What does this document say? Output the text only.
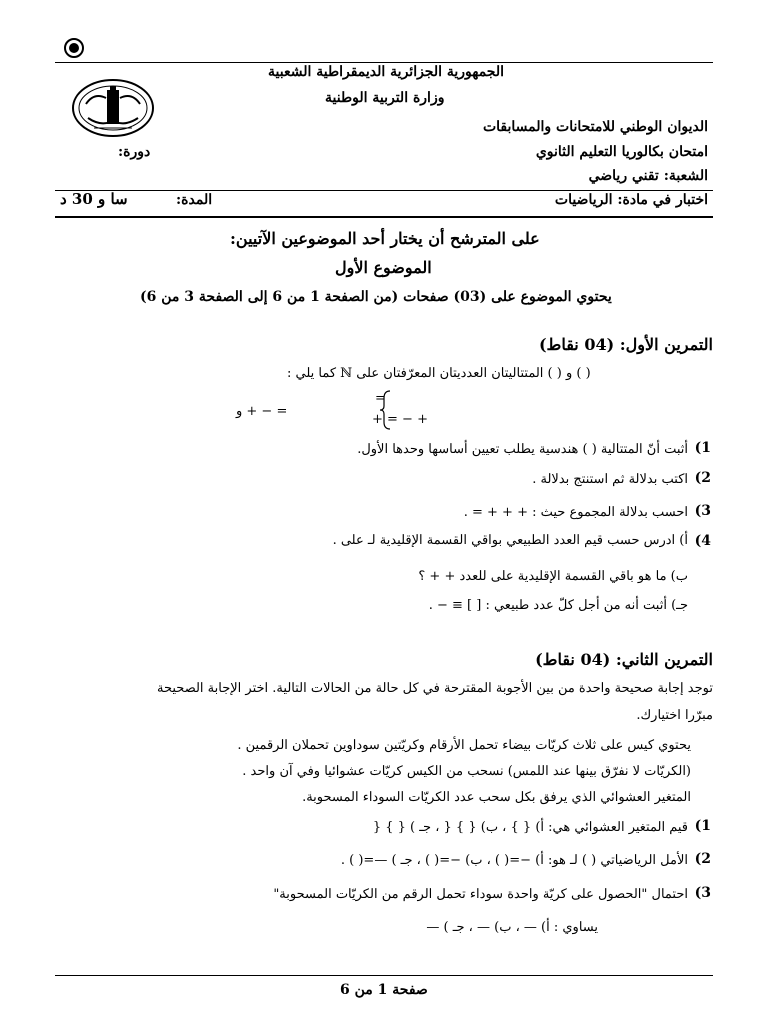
الجمهورية الجزائرية الديمقراطية الشعبية
وزارة التربية الوطنية
الديوان الوطني للامتحانات والمسابقات
امتحان بكالوريا التعليم الثانوي
دورة:
الشعبة: تقني رياضي
اختبار في مادة: الرياضيات
المدة:
سا و 30 د
على المترشح أن يختار أحد الموضوعين الآتيين:
الموضوع الأول
يحتوي الموضوع على (03) صفحات (من الصفحة 1 من 6 إلى الصفحة 3 من 6)
التمرين الأول: (04 نقاط)
( ) و ( ) المتتاليتان العدديتان المعرّفتان على ℕ كما يلي :
=
+ = − +
= − + و
1)
أثبت أنّ المتتالية ( ) هندسية يطلب تعيين أساسها وحدها الأول.
2)
اكتب بدلالة ثم استنتج بدلالة .
3)
احسب بدلالة المجموع حيث : + + + = .
4)
أ) ادرس حسب قيم العدد الطبيعي بواقي القسمة الإقليدية لـ على .
ب) ما هو باقي القسمة الإقليدية على للعدد + + ؟
جـ) أثبت أنه من أجل كلّ عدد طبيعي : [ ] ≡ − .
التمرين الثاني: (04 نقاط)
توجد إجابة صحيحة واحدة من بين الأجوبة المقترحة في كل حالة من الحالات التالية. اختر الإجابة الصحيحة
مبرّرا اختيارك.
يحتوي كيس على ثلاث كريّات بيضاء تحمل الأرقام وكريّتين سوداوين تحملان الرقمين .
(الكريّات لا نفرّق بينها عند اللمس) نسحب من الكيس كريّات عشوائيا وفي آن واحد .
المتغير العشوائي الذي يرفق بكل سحب عدد الكريّات السوداء المسحوبة.
1)
قيم المتغير العشوائي هي: أ) { } ، ب) { } { ، جـ ) { } {
2)
الأمل الرياضياتي ( ) لـ هو: أ) −=( ) ، ب) −=( ) ، جـ ) —=( ) .
3)
احتمال "الحصول على كريّة واحدة سوداء تحمل الرقم من الكريّات المسحوبة"
يساوي : أ) — ، ب) — ، جـ ) —
صفحة 1 من 6
